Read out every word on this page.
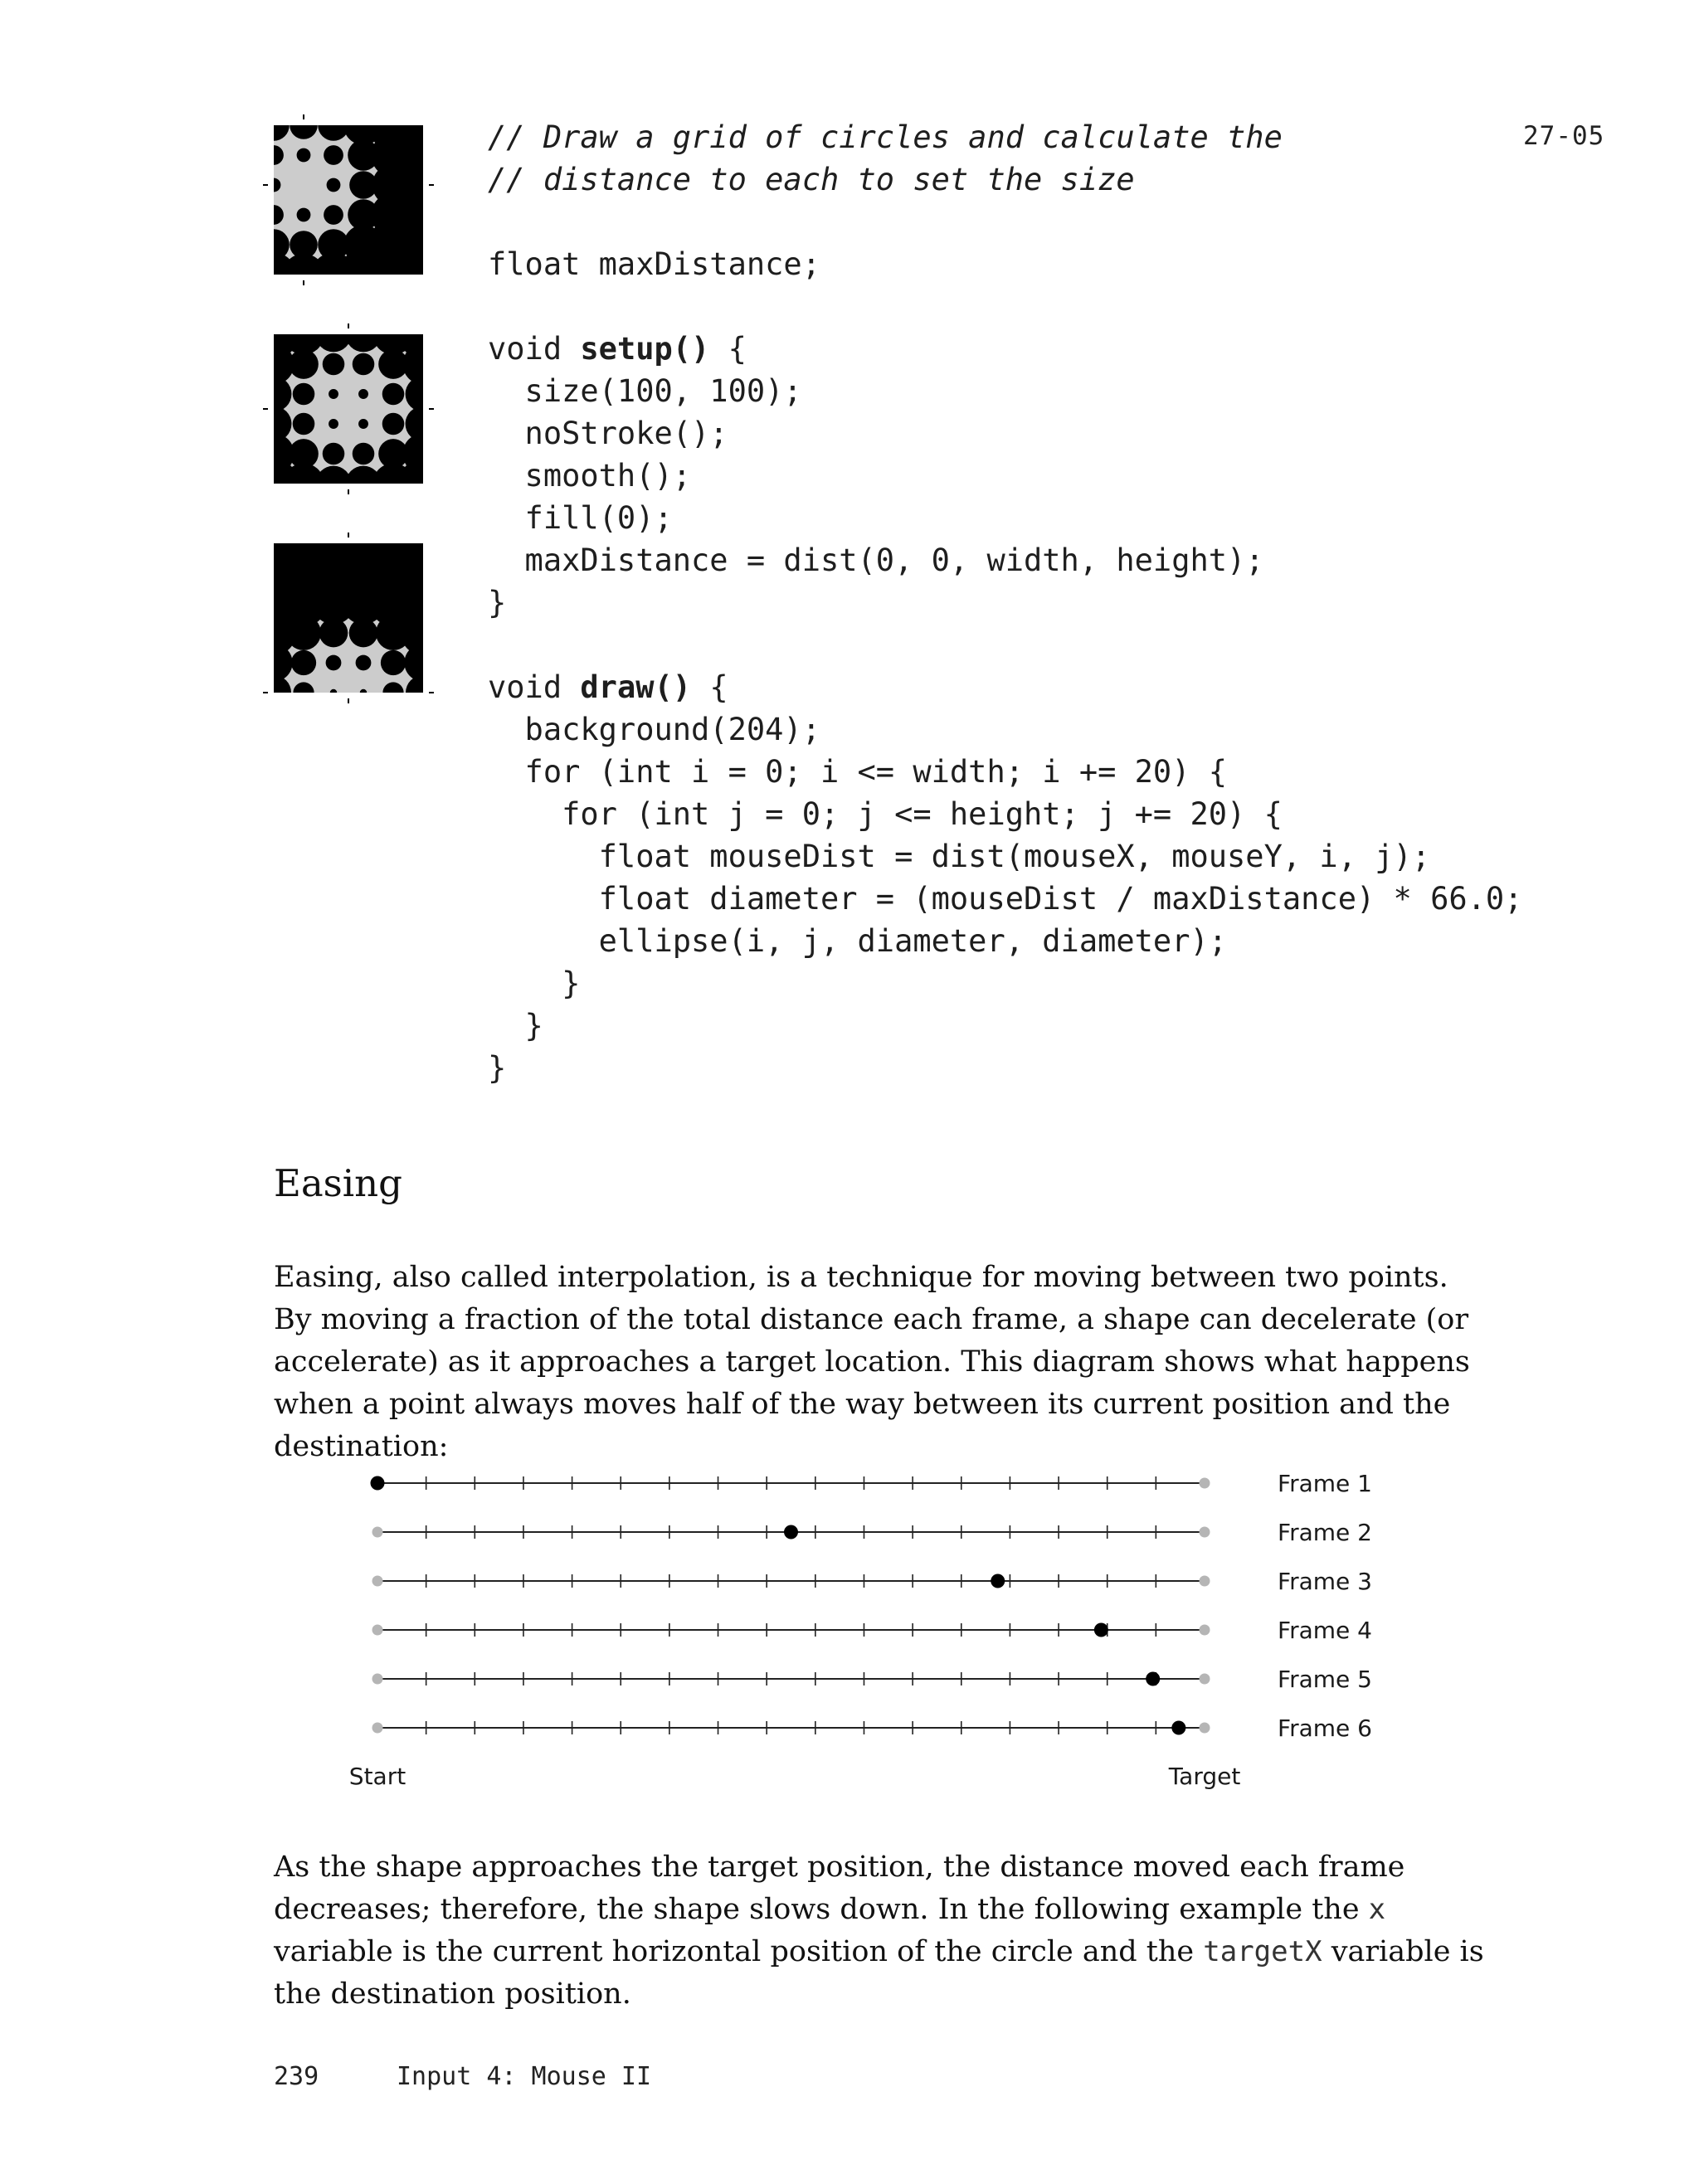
27-05
// Draw a grid of circles and calculate the
// distance to each to set the size
float maxDistance;
void setup() {
size(100, 100);
noStroke();
smooth();
fill(0);
maxDistance = dist(0, 0, width, height);
}
void draw() {
background(204);
for (int i = 0; i <= width; i += 20) {
for (int j = 0; j <= height; j += 20) {
float mouseDist = dist(mouseX, mouseY, i, j);
float diameter = (mouseDist / maxDistance) * 66.0;
ellipse(i, j, diameter, diameter);
}
}
}
Easing

Easing, also called interpolation, is a technique for moving between two points. By moving a fraction of the total distance each frame, a shape can decelerate (or accelerate) as it approaches a target location. This diagram shows what happens when a point always moves half of the way between its current position and the destination:

Frame 1
Frame 2
Frame 3
Frame 4
Frame 5
Frame 6
Start	Target

As the shape approaches the target position, the distance moved each frame decreases; therefore, the shape slows down. In the following example the x variable is the current horizontal position of the circle and the targetX variable is the destination position.

239	Input 4: Mouse II
